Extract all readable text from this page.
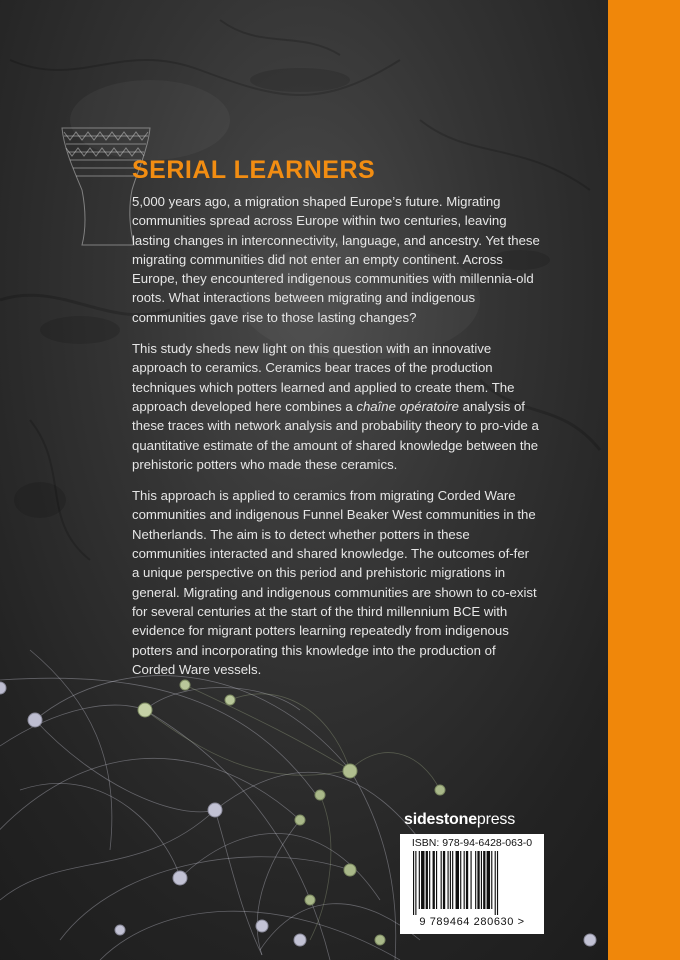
SERIAL LEARNERS

5,000 years ago, a migration shaped Europe’s future. Migrating communities spread across Europe within two centuries, leaving lasting changes in interconnectivity, language, and ancestry. Yet these migrating communities did not enter an empty continent. Across Europe, they encountered indigenous communities with millennia-old roots. What interactions between migrating and indigenous communities gave rise to those lasting changes?

This study sheds new light on this question with an innovative approach to ceramics. Ceramics bear traces of the production techniques which potters learned and applied to create them. The approach developed here combines a chaîne opératoire analysis of these traces with network analysis and probability theory to pro-vide a quantitative estimate of the amount of shared knowledge between the prehistoric potters who made these ceramics.

This approach is applied to ceramics from migrating Corded Ware communities and indigenous Funnel Beaker West communities in the Netherlands. The aim is to detect whether potters in these communities interacted and shared knowledge. The outcomes of-fer a unique perspective on this period and prehistoric migrations in general. Migrating and indigenous communities are shown to co-exist for several centuries at the start of the third millennium BCE with evidence for migrant potters learning repeatedly from indigenous potters and incorporating this knowledge into the production of Corded Ware vessels.

sidestonepress
ISBN: 978-94-6428-063-0
9 789464 280630 >
